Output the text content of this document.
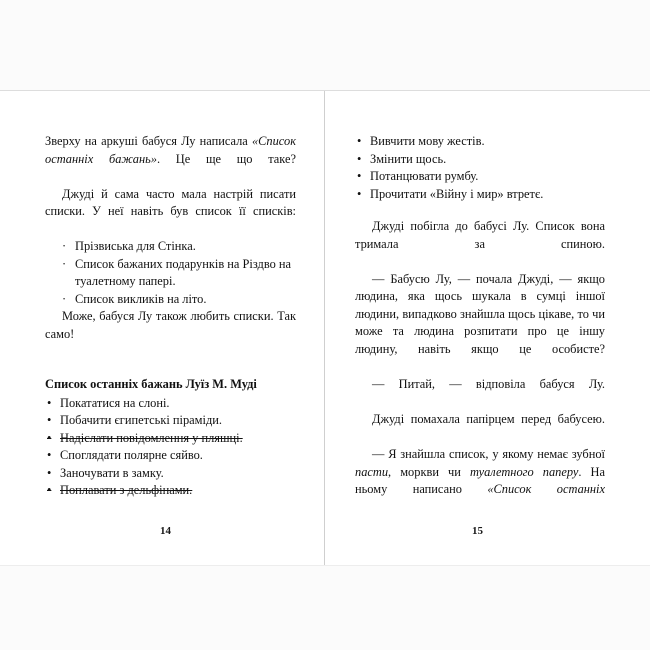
Зверху на аркуші бабуся Лу написала «Список останніх бажань». Це ще що таке?

Джуді й сама часто мала настрій писати списки. У неї навіть був список її списків:

· Прізвиська для Стінка.
· Список бажаних подарунків на Різдво на туалетному папері.
· Список викликів на літо.

Може, бабуся Лу також любить списки. Так само!

Список останніх бажань Луїз М. Муді

• Покататися на слоні.
• Побачити єгипетські піраміди.
• Надіслати повідомлення у пляшці.
• Споглядати полярне сяйво.
• Заночувати в замку.
• Поплавати з дельфінами.
14
• Вивчити мову жестів.
• Змінити щось.
• Потанцювати румбу.
• Прочитати «Війну і мир» втретє.

Джуді побігла до бабусі Лу. Список вона тримала за спиною.

— Бабусю Лу, — почала Джуді, — якщо людина, яка щось шукала в сумці іншої людини, випадково знайшла щось цікаве, то чи може та людина розпитати про це іншу людину, навіть якщо це особисте?

— Питай, — відповіла бабуся Лу.

Джуді помахала папірцем перед бабусею.

— Я знайшла список, у якому немає зубної пасти, моркви чи туалетного паперу. На ньому написано «Список останніх

15
